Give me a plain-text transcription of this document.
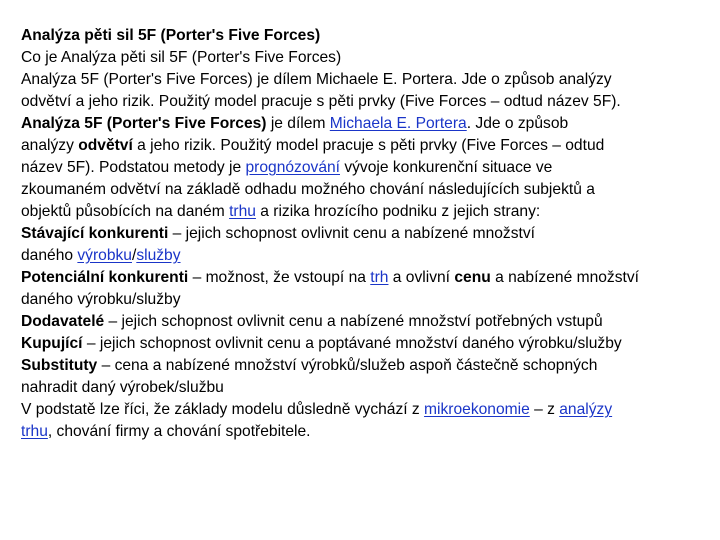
Analýza pěti sil 5F (Porter's Five Forces)
Co je Analýza pěti sil 5F (Porter's Five Forces)
Analýza 5F (Porter's Five Forces) je dílem Michaele E. Portera. Jde o způsob analýzy
odvětví a jeho rizik. Použitý model pracuje s pěti prvky (Five Forces – odtud název 5F).
Analýza 5F (Porter's Five Forces) je dílem Michaela E. Portera. Jde o způsob
analýzy odvětví a jeho rizik. Použitý model pracuje s pěti prvky (Five Forces – odtud
název 5F). Podstatou metody je prognózování vývoje konkurenční situace ve
zkoumaném odvětví na základě odhadu možného chování následujících subjektů a
objektů působících na daném trhu a rizika hrozícího podniku z jejich strany:
Stávající konkurenti – jejich schopnost ovlivnit cenu a nabízené množství
daného výrobku/služby
Potenciální konkurenti – možnost, že vstoupí na trh a ovlivní cenu a nabízené množství
daného výrobku/služby
Dodavatelé – jejich schopnost ovlivnit cenu a nabízené množství potřebných vstupů
Kupující – jejich schopnost ovlivnit cenu a poptávané množství daného výrobku/služby
Substituty – cena a nabízené množství výrobků/služeb aspoň částečně schopných
nahradit daný výrobek/službu
V podstatě lze říci, že základy modelu důsledně vychází z mikroekonomie – z analýzy
trhu, chování firmy a chování spotřebitele.
